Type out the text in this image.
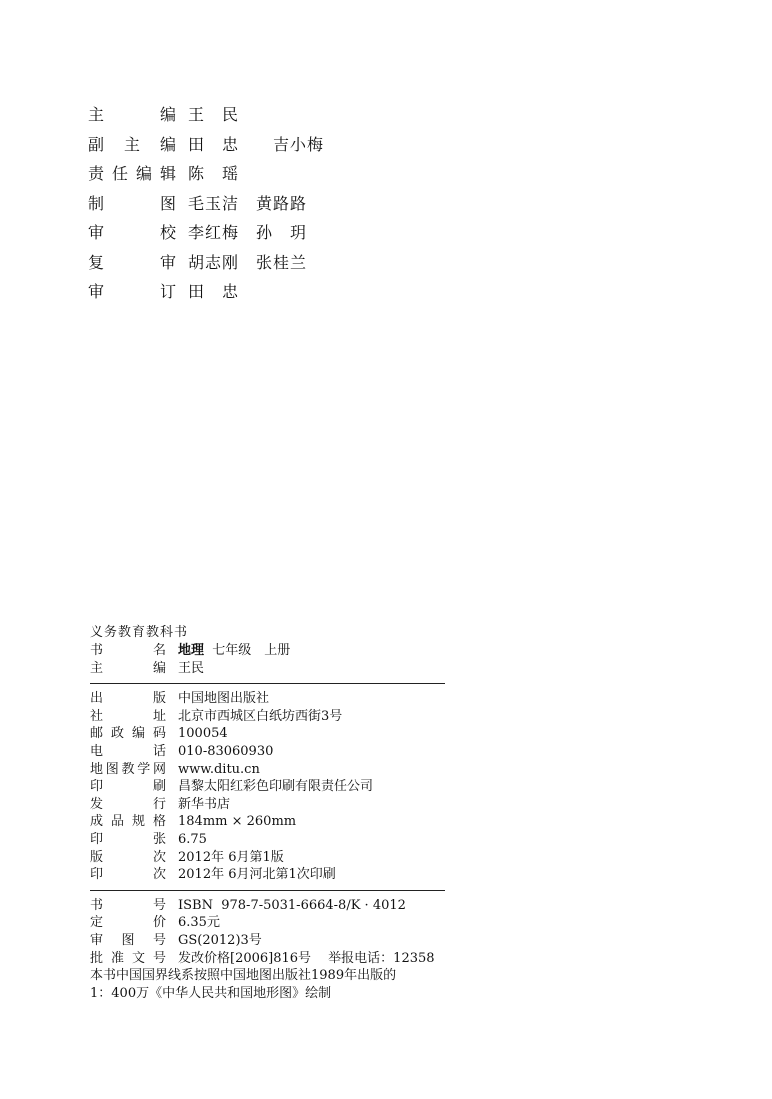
主	编 王　民
副 主 编 田　忠　　吉小梅
责 任 编 辑 陈　瑶
制	图 毛玉洁　黄路路
审	校 李红梅　孙　玥
复	审 胡志刚　张桂兰
审	订 田　忠
义务教育教科书
书	名 地理  七年级　上册
主	编 王民
出	版 中国地图出版社
社	址 北京市西城区白纸坊西街3号
邮 政 编 码 100054
电	话 010-83060930
地 图 教 学 网 www.ditu.cn
印	刷 昌黎太阳红彩色印刷有限责任公司
发	行 新华书店
成 品 规 格 184mm × 260mm
印	张 6.75
版	次 2012年 6月第1版
印	次 2012年 6月河北第1次印刷
书	号 ISBN  978-7-5031-6664-8/K · 4012
定	价 6.35元
审 图 号 GS(2012)3号
批 准 文 号 发改价格[2006]816号　 举报电话：12358
本书中国国界线系按照中国地图出版社1989年出版的
1：400万《中华人民共和国地形图》绘制
